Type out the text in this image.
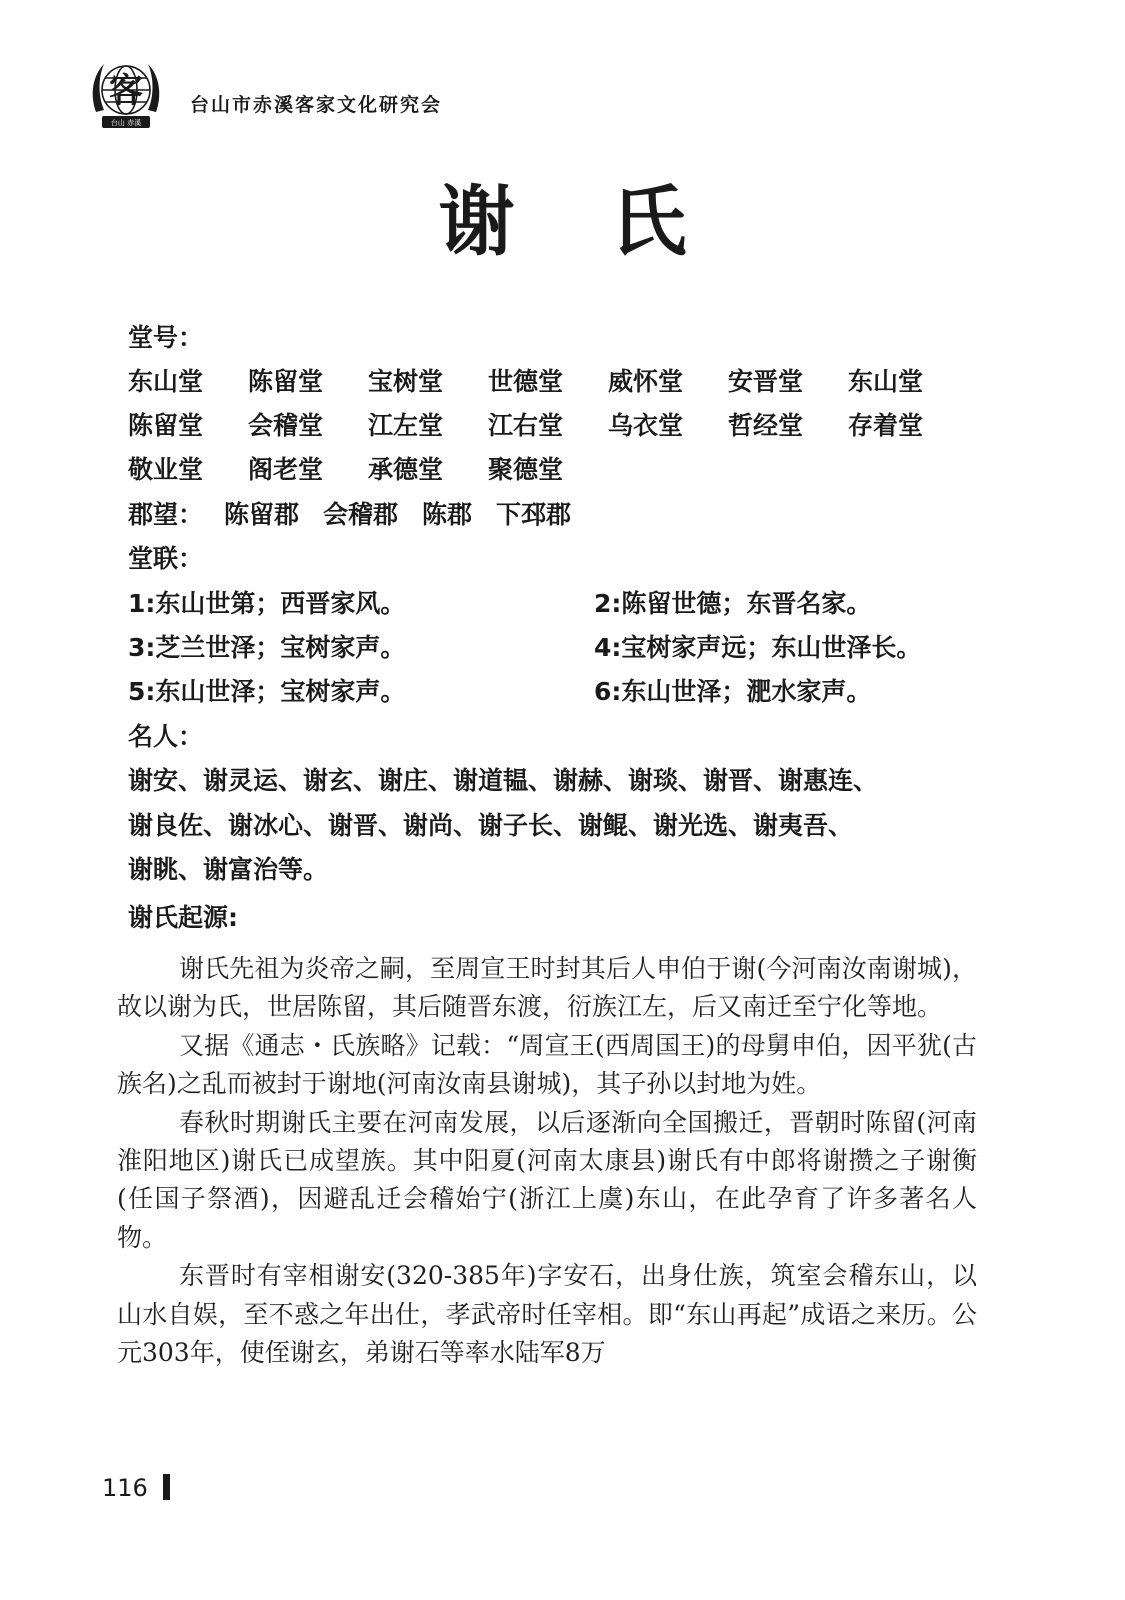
客
台山 赤溪
台山市赤溪客家文化研究会
谢 氏
堂号：
东山堂	陈留堂	宝树堂	世德堂	威怀堂	安晋堂	东山堂
陈留堂	会稽堂	江左堂	江右堂	乌衣堂	哲经堂	存着堂
敬业堂	阁老堂	承德堂	聚德堂
郡望： 陈留郡 会稽郡 陈郡 下邳郡
堂联：
1:东山世第；西晋家风。	2:陈留世德；东晋名家。
3:芝兰世泽；宝树家声。	4:宝树家声远；东山世泽长。
5:东山世泽；宝树家声。	6:东山世泽；淝水家声。
名人：
谢安、谢灵运、谢玄、谢庄、谢道韫、谢赫、谢琰、谢晋、谢惠连、
谢良佐、谢冰心、谢晋、谢尚、谢子长、谢鲲、谢光选、谢夷吾、
谢眺、谢富治等。
谢氏起源:

谢氏先祖为炎帝之嗣，至周宣王时封其后人申伯于谢(今河南汝南谢城)，故以谢为氏，世居陈留，其后随晋东渡，衍族江左，后又南迁至宁化等地。

又据《通志・氏族略》记载：“周宣王(西周国王)的母舅申伯，因平犹(古族名)之乱而被封于谢地(河南汝南县谢城)，其子孙以封地为姓。

春秋时期谢氏主要在河南发展，以后逐渐向全国搬迁，晋朝时陈留(河南淮阳地区)谢氏已成望族。其中阳夏(河南太康县)谢氏有中郎将谢攒之子谢衡(任国子祭酒)，因避乱迁会稽始宁(浙江上虞)东山，在此孕育了许多著名人物。

东晋时有宰相谢安(320-385年)字安石，出身仕族，筑室会稽东山，以山水自娱，至不惑之年出仕，孝武帝时任宰相。即“东山再起”成语之来历。公元303年，使侄谢玄，弟谢石等率水陆军8万

116
